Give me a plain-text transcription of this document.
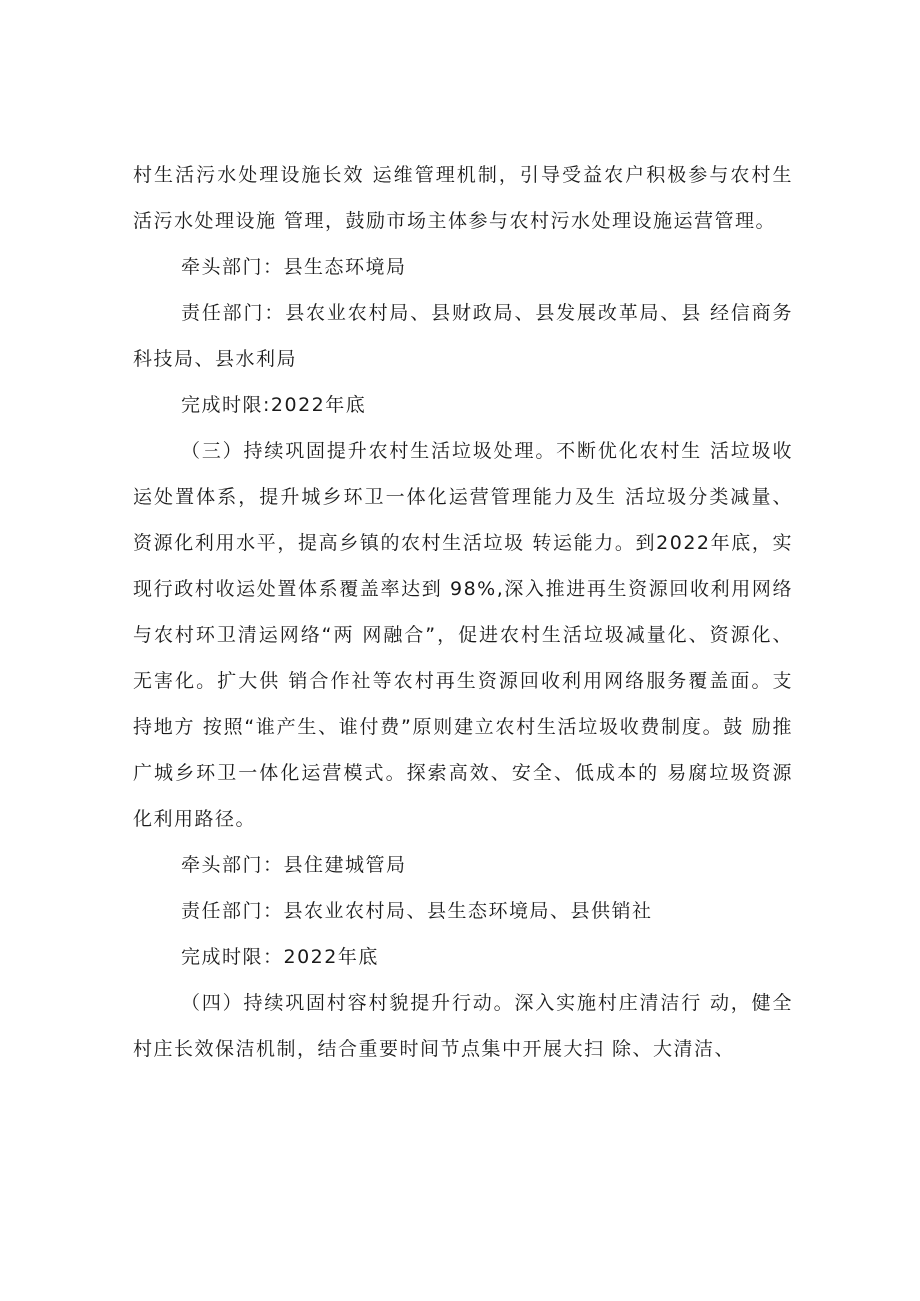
村生活污水处理设施长效 运维管理机制，引导受益农户积极参与农村生活污水处理设施 管理，鼓励市场主体参与农村污水处理设施运营管理。

牵头部门：县生态环境局

责任部门：县农业农村局、县财政局、县发展改革局、县 经信商务科技局、县水利局

完成时限:2022年底

（三）持续巩固提升农村生活垃圾处理。不断优化农村生 活垃圾收运处置体系，提升城乡环卫一体化运营管理能力及生 活垃圾分类减量、资源化利用水平，提高乡镇的农村生活垃圾 转运能力。到2022年底，实现行政村收运处置体系覆盖率达到 98%,深入推进再生资源回收利用网络与农村环卫清运网络“两 网融合”，促进农村生活垃圾减量化、资源化、无害化。扩大供 销合作社等农村再生资源回收利用网络服务覆盖面。支持地方 按照“谁产生、谁付费”原则建立农村生活垃圾收费制度。鼓 励推广城乡环卫一体化运营模式。探索高效、安全、低成本的 易腐垃圾资源化利用路径。

牵头部门：县住建城管局

责任部门：县农业农村局、县生态环境局、县供销社

完成时限：2022年底

（四）持续巩固村容村貌提升行动。深入实施村庄清洁行 动，健全村庄长效保洁机制，结合重要时间节点集中开展大扫 除、大清洁、
